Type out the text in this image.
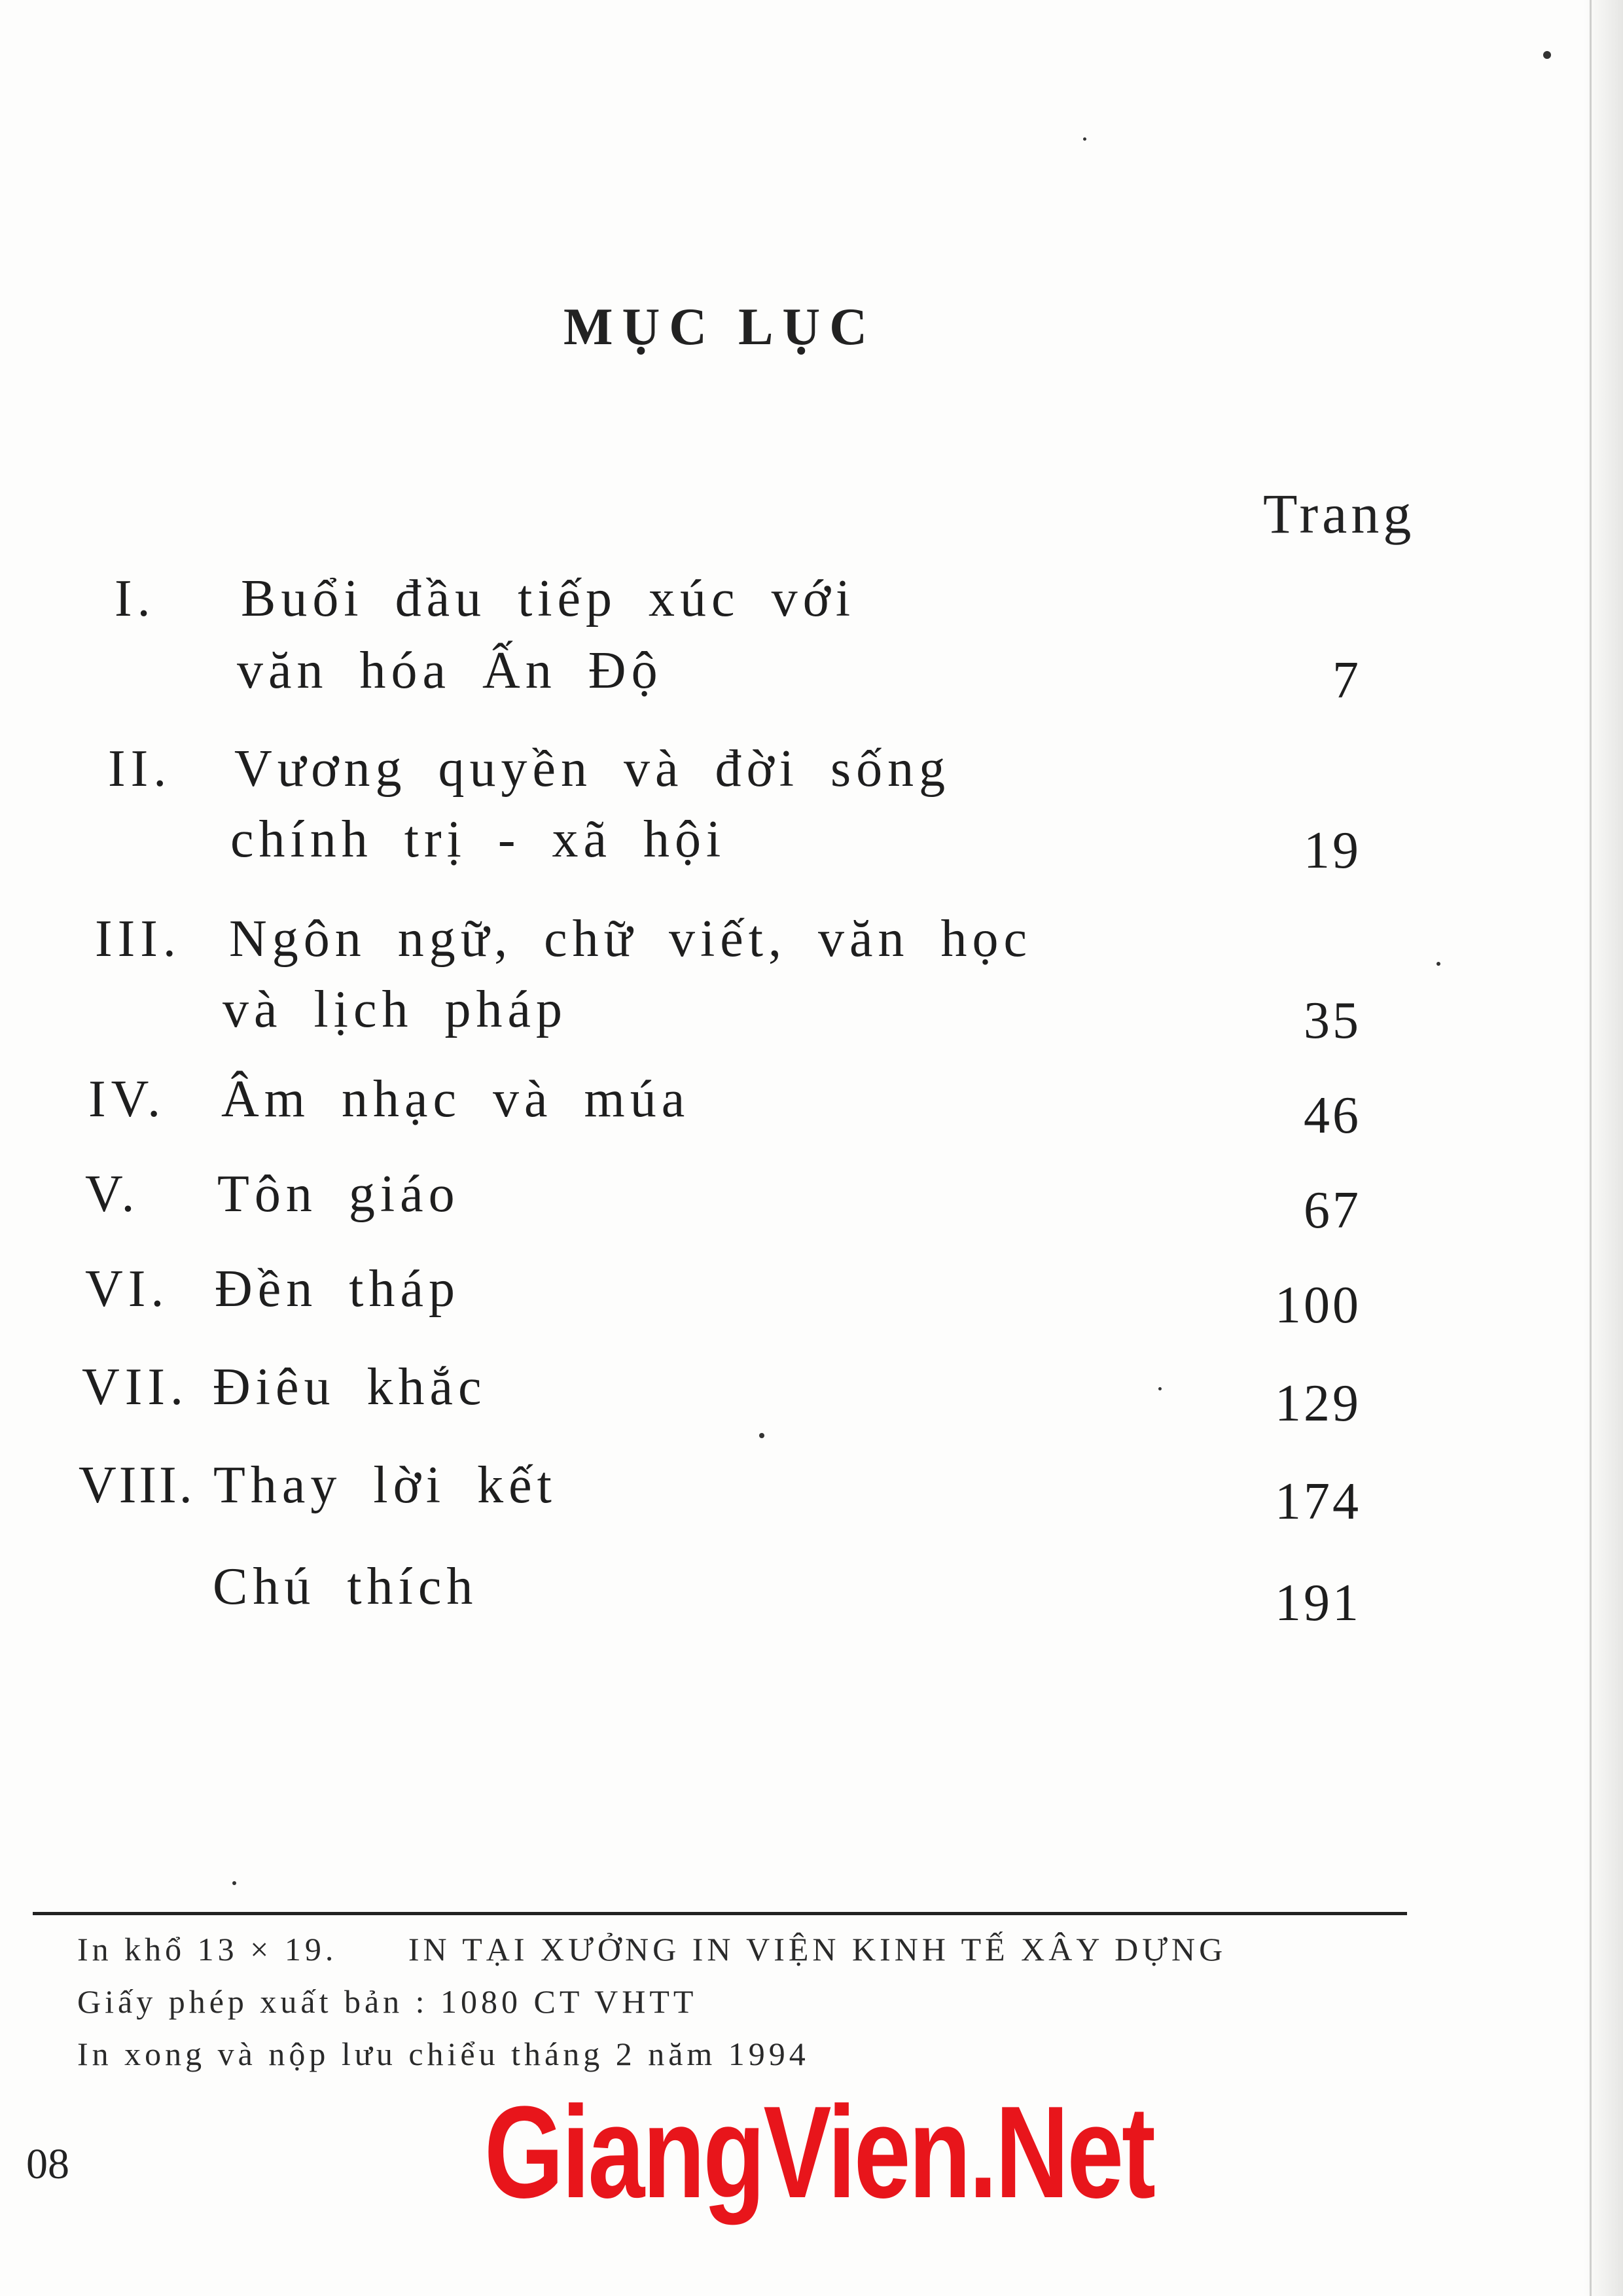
MỤC LỤC
Trang
I. Buổi đầu tiếp xúc với
văn hóa Ấn Độ	7
II. Vương quyền và đời sống
chính trị - xã hội	19
III. Ngôn ngữ, chữ viết, văn học
và lịch pháp	35
IV. Âm nhạc và múa	46
V. Tôn giáo	67
VI. Đền tháp	100
VII. Điêu khắc	129
VIII. Thay lời kết	174
Chú thích	191
In khổ 13 × 19. IN TẠI XƯỞNG IN VIỆN KINH TẾ XÂY DỰNG
Giấy phép xuất bản : 1080 CT VHTT
In xong và nộp lưu chiểu tháng 2 năm 1994
08	GiangVien.Net
